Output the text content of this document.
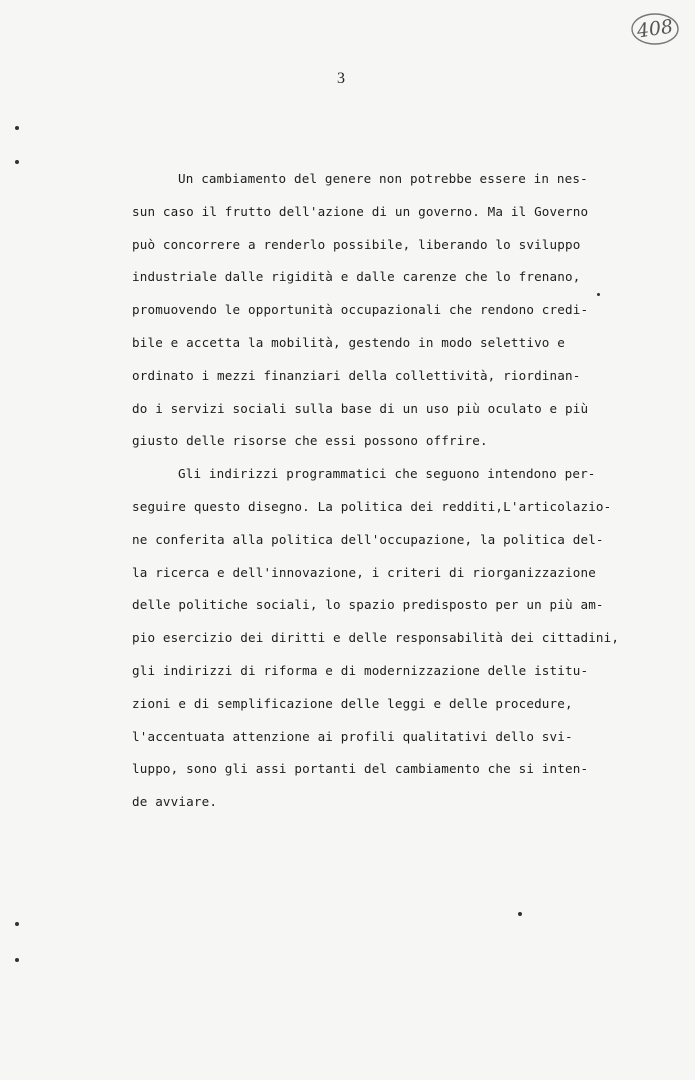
408
3
Un cambiamento del genere non potrebbe essere in nes-
sun caso il frutto dell'azione di un governo. Ma il Governo
può concorrere a renderlo possibile, liberando lo sviluppo
industriale dalle rigidità e dalle carenze che lo frenano,
promuovendo le opportunità occupazionali che rendono credi-
bile e accetta la mobilità, gestendo in modo selettivo e
ordinato i mezzi finanziari della collettività, riordinan-
do i servizi sociali sulla base di un uso più oculato e più
giusto delle risorse che essi possono offrire.
Gli indirizzi programmatici che seguono intendono per-
seguire questo disegno. La politica dei redditi,L'articolazio-
ne conferita alla politica dell'occupazione, la politica del-
la ricerca e dell'innovazione, i criteri di riorganizzazione
delle politiche sociali, lo spazio predisposto per un più am-
pio esercizio dei diritti e delle responsabilità dei cittadini,
gli indirizzi di riforma e di modernizzazione delle istitu-
zioni e di semplificazione delle leggi e delle procedure,
l'accentuata attenzione ai profili qualitativi dello svi-
luppo, sono gli assi portanti del cambiamento che si inten-
de avviare.
